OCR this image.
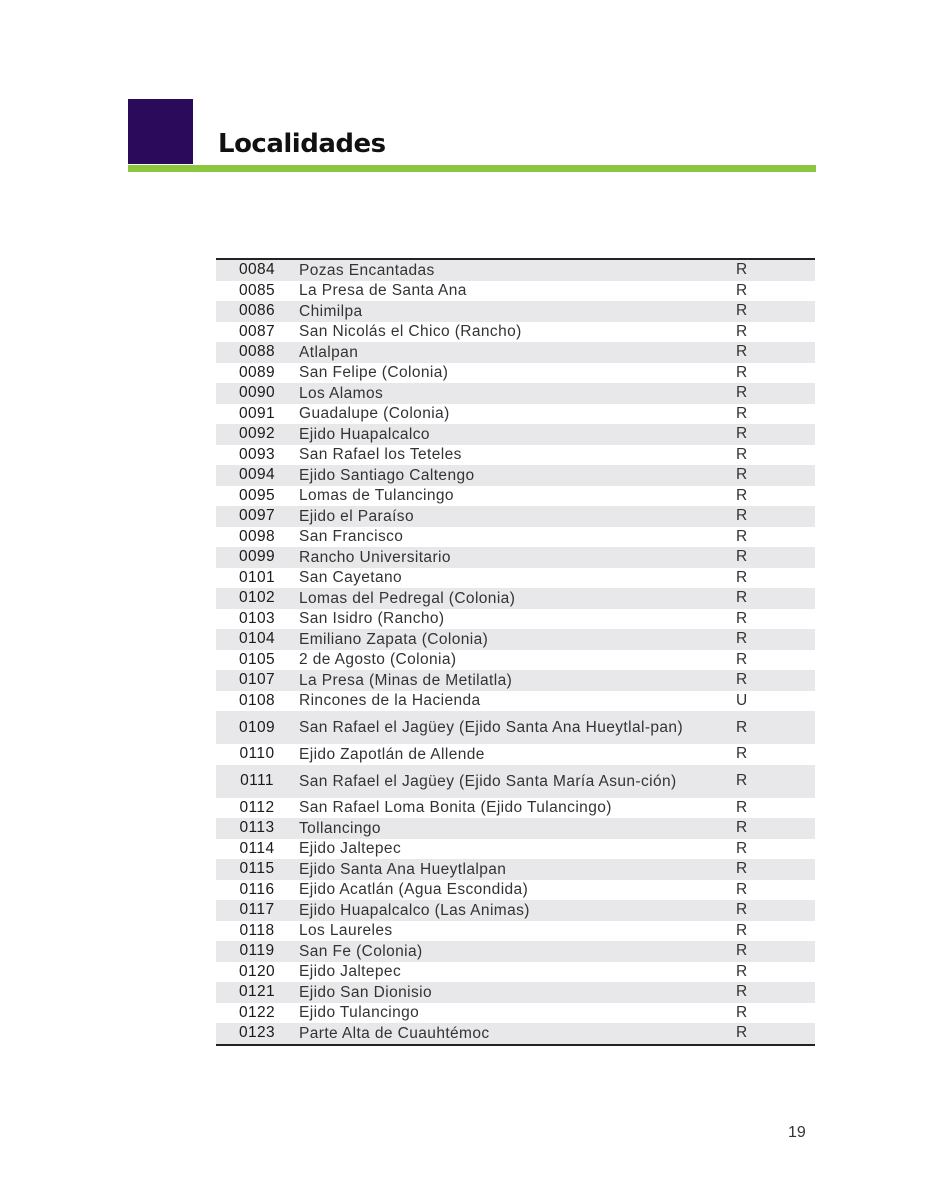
Localidades
0084	Pozas Encantadas	R
0085	La Presa de Santa Ana	R
0086	Chimilpa	R
0087	San Nicolás el Chico (Rancho)	R
0088	Atlalpan	R
0089	San Felipe (Colonia)	R
0090	Los Alamos	R
0091	Guadalupe (Colonia)	R
0092	Ejido Huapalcalco	R
0093	San Rafael los Teteles	R
0094	Ejido Santiago Caltengo	R
0095	Lomas de Tulancingo	R
0097	Ejido el Paraíso	R
0098	San Francisco	R
0099	Rancho Universitario	R
0101	San Cayetano	R
0102	Lomas del Pedregal (Colonia)	R
0103	San Isidro (Rancho)	R
0104	Emiliano Zapata (Colonia)	R
0105	2 de Agosto (Colonia)	R
0107	La Presa (Minas de Metilatla)	R
0108	Rincones de la Hacienda	U
0109	San Rafael el Jagüey (Ejido Santa Ana Hueytlal-pan)	R
0110	Ejido Zapotlán de Allende	R
0111	San Rafael el Jagüey (Ejido Santa María Asun-ción)	R
0112	San Rafael Loma Bonita (Ejido Tulancingo)	R
0113	Tollancingo	R
0114	Ejido Jaltepec	R
0115	Ejido Santa Ana Hueytlalpan	R
0116	Ejido Acatlán (Agua Escondida)	R
0117	Ejido Huapalcalco (Las Animas)	R
0118	Los Laureles	R
0119	San Fe (Colonia)	R
0120	Ejido Jaltepec	R
0121	Ejido San Dionisio	R
0122	Ejido Tulancingo	R
0123	Parte Alta de Cuauhtémoc	R
19
